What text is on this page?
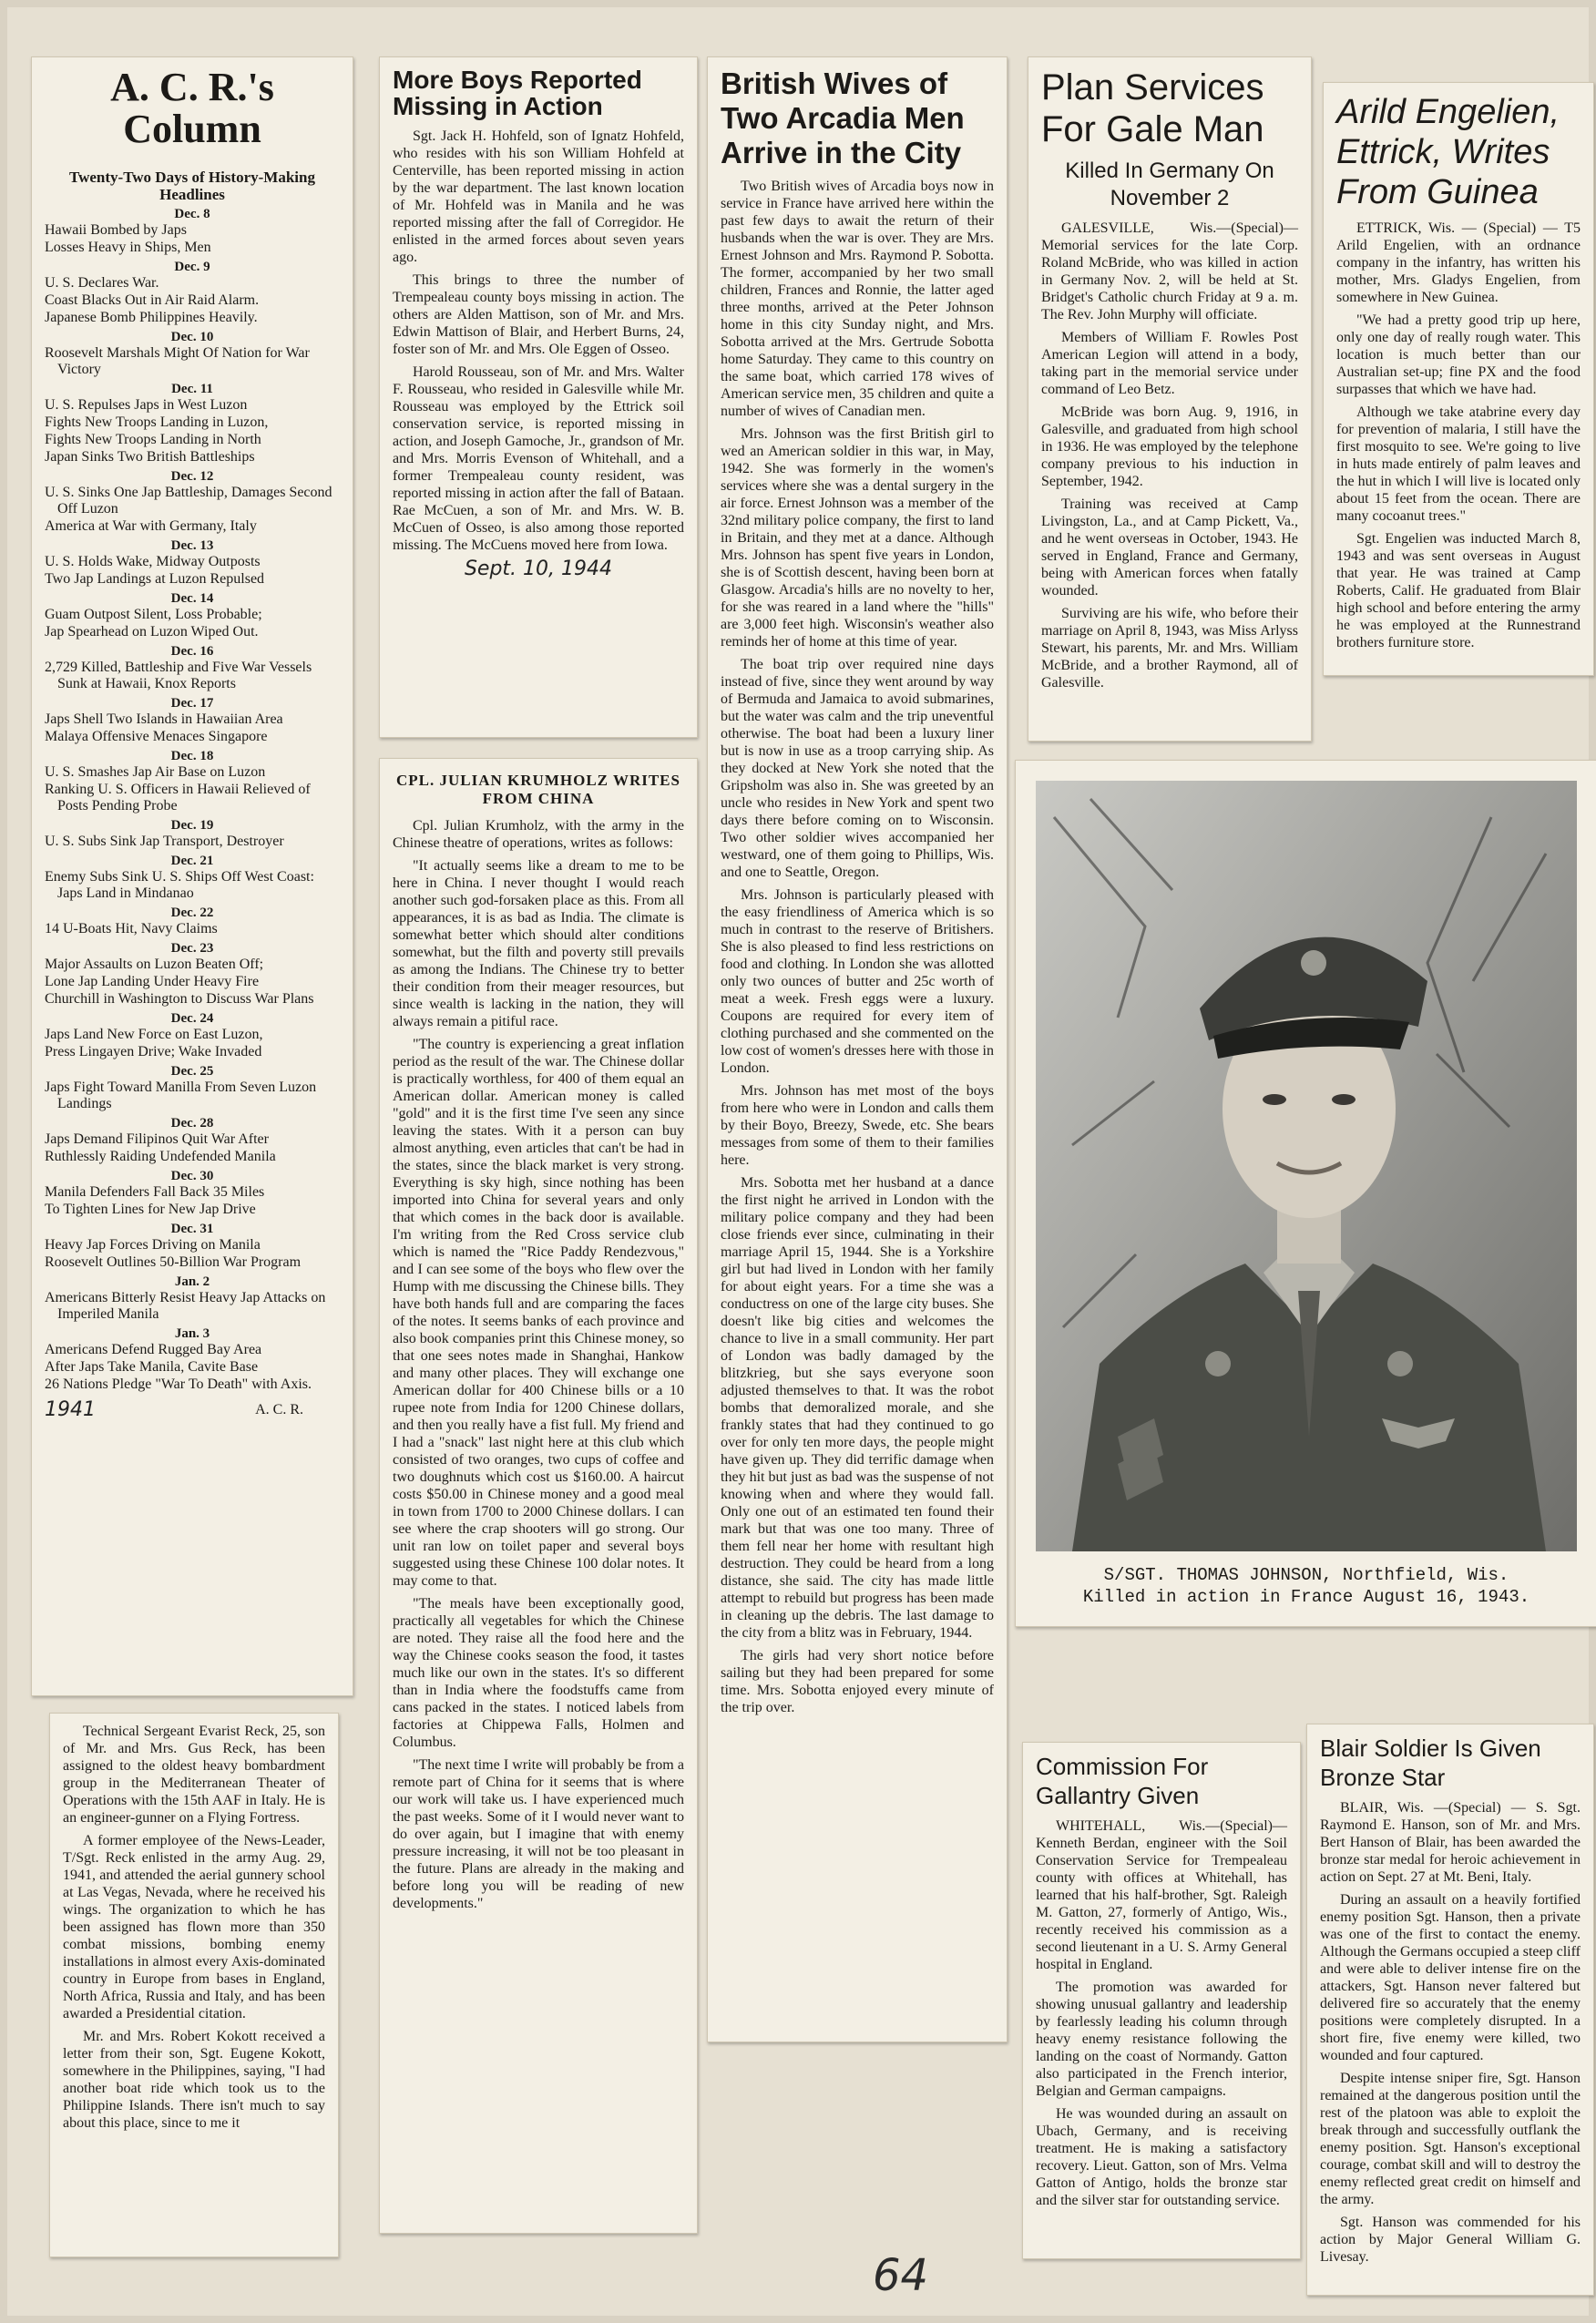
A. C. R.'s Column
Twenty-Two Days of History-Making Headlines
Dec. 8
Hawaii Bombed by Japs
Losses Heavy in Ships, Men
Dec. 9
U. S. Declares War.
Coast Blacks Out in Air Raid Alarm.
Japanese Bomb Philippines Heavily.
Dec. 10
Roosevelt Marshals Might Of Nation for War Victory
Dec. 11
U. S. Repulses Japs in West Luzon
Fights New Troops Landing in Luzon,
Fights New Troops Landing in North
Japan Sinks Two British Battleships
Dec. 12
U. S. Sinks One Jap Battleship, Damages Second Off Luzon
America at War with Germany, Italy
Dec. 13
U. S. Holds Wake, Midway Outposts
Two Jap Landings at Luzon Repulsed
Dec. 14
Guam Outpost Silent, Loss Probable;
Jap Spearhead on Luzon Wiped Out.
Dec. 16
2,729 Killed, Battleship and Five War Vessels Sunk at Hawaii, Knox Reports
Dec. 17
Japs Shell Two Islands in Hawaiian Area
Malaya Offensive Menaces Singapore
Dec. 18
U. S. Smashes Jap Air Base on Luzon
Ranking U. S. Officers in Hawaii Relieved of Posts Pending Probe
Dec. 19
U. S. Subs Sink Jap Transport, Destroyer
Dec. 21
Enemy Subs Sink U. S. Ships Off West Coast: Japs Land in Mindanao
Dec. 22
14 U-Boats Hit, Navy Claims
Dec. 23
Major Assaults on Luzon Beaten Off;
Lone Jap Landing Under Heavy Fire
Churchill in Washington to Discuss War Plans
Dec. 24
Japs Land New Force on East Luzon,
Press Lingayen Drive; Wake Invaded
Dec. 25
Japs Fight Toward Manilla From Seven Luzon Landings
Dec. 28
Japs Demand Filipinos Quit War After
Ruthlessly Raiding Undefended Manila
Dec. 30
Manila Defenders Fall Back 35 Miles
To Tighten Lines for New Jap Drive
Dec. 31
Heavy Jap Forces Driving on Manila
Roosevelt Outlines 50-Billion War Program
Jan. 2
Americans Bitterly Resist Heavy Jap Attacks on Imperiled Manila
Jan. 3
Americans Defend Rugged Bay Area
After Japs Take Manila, Cavite Base
26 Nations Pledge "War To Death" with Axis.
1941	A. C. R.

Technical Sergeant Evarist Reck, 25, son of Mr. and Mrs. Gus Reck, has been assigned to the oldest heavy bombardment group in the Mediterranean Theater of Operations with the 15th AAF in Italy. He is an engineer-gunner on a Flying Fortress.

A former employee of the News-Leader, T/Sgt. Reck enlisted in the army Aug. 29, 1941, and attended the aerial gunnery school at Las Vegas, Nevada, where he received his wings. The organization to which he has been assigned has flown more than 350 combat missions, bombing enemy installations in almost every Axis-dominated country in Europe from bases in England, North Africa, Russia and Italy, and has been awarded a Presidential citation.

Mr. and Mrs. Robert Kokott received a letter from their son, Sgt. Eugene Kokott, somewhere in the Philippines, saying, "I had another boat ride which took us to the Philippine Islands. There isn't much to say about this place, since to me it

More Boys Reported Missing in Action

Sgt. Jack H. Hohfeld, son of Ignatz Hohfeld, who resides with his son William Hohfeld at Centerville, has been reported missing in action by the war department. The last known location of Mr. Hohfeld was in Manila and he was reported missing after the fall of Corregidor. He enlisted in the armed forces about seven years ago.

This brings to three the number of Trempealeau county boys missing in action. The others are Alden Mattison, son of Mr. and Mrs. Edwin Mattison of Blair, and Herbert Burns, 24, foster son of Mr. and Mrs. Ole Eggen of Osseo.

Harold Rousseau, son of Mr. and Mrs. Walter F. Rousseau, who resided in Galesville while Mr. Rousseau was employed by the Ettrick soil conservation service, is reported missing in action, and Joseph Gamoche, Jr., grandson of Mr. and Mrs. Morris Evenson of Whitehall, and a former Trempealeau county resident, was reported missing in action after the fall of Bataan. Rae McCuen, a son of Mr. and Mrs. W. B. McCuen of Osseo, is also among those reported missing. The McCuens moved here from Iowa.

Sept. 10, 1944
CPL. JULIAN KRUMHOLZ WRITES FROM CHINA

Cpl. Julian Krumholz, with the army in the Chinese theatre of operations, writes as follows:

"It actually seems like a dream to me to be here in China. I never thought I would reach another such god-forsaken place as this. From all appearances, it is as bad as India. The climate is somewhat better which should alter conditions somewhat, but the filth and poverty still prevails as among the Indians. The Chinese try to better their condition from their meager resources, but since wealth is lacking in the nation, they will always remain a pitiful race.

"The country is experiencing a great inflation period as the result of the war. The Chinese dollar is practically worthless, for 400 of them equal an American dollar. American money is called "gold" and it is the first time I've seen any since leaving the states. With it a person can buy almost anything, even articles that can't be had in the states, since the black market is very strong. Everything is sky high, since nothing has been imported into China for several years and only that which comes in the back door is available. I'm writing from the Red Cross service club which is named the "Rice Paddy Rendezvous," and I can see some of the boys who flew over the Hump with me discussing the Chinese bills. They have both hands full and are comparing the faces of the notes. It seems banks of each province and also book companies print this Chinese money, so that one sees notes made in Shanghai, Hankow and many other places. They will exchange one American dollar for 400 Chinese bills or a 10 rupee note from India for 1200 Chinese dollars, and then you really have a fist full. My friend and I had a "snack" last night here at this club which consisted of two oranges, two cups of coffee and two doughnuts which cost us $160.00. A haircut costs $50.00 in Chinese money and a good meal in town from 1700 to 2000 Chinese dollars. I can see where the crap shooters will go strong. Our unit ran low on toilet paper and several boys suggested using these Chinese 100 dolar notes. It may come to that.

"The meals have been exceptionally good, practically all vegetables for which the Chinese are noted. They raise all the food here and the way the Chinese cooks season the food, it tastes much like our own in the states. It's so different than in India where the foodstuffs came from cans packed in the states. I noticed labels from factories at Chippewa Falls, Holmen and Columbus.

"The next time I write will probably be from a remote part of China for it seems that is where our work will take us. I have experienced much the past weeks. Some of it I would never want to do over again, but I imagine that with enemy pressure increasing, it will not be too pleasant in the future. Plans are already in the making and before long you will be reading of new developments."

British Wives of Two Arcadia Men Arrive in the City

Two British wives of Arcadia boys now in service in France have arrived here within the past few days to await the return of their husbands when the war is over. They are Mrs. Ernest Johnson and Mrs. Raymond P. Sobotta. The former, accompanied by her two small children, Frances and Ronnie, the latter aged three months, arrived at the Peter Johnson home in this city Sunday night, and Mrs. Sobotta arrived at the Mrs. Gertrude Sobotta home Saturday. They came to this country on the same boat, which carried 178 wives of American service men, 35 children and quite a number of wives of Canadian men.

Mrs. Johnson was the first British girl to wed an American soldier in this war, in May, 1942. She was formerly in the women's services where she was a dental surgery in the air force. Ernest Johnson was a member of the 32nd military police company, the first to land in Britain, and they met at a dance. Although Mrs. Johnson has spent five years in London, she is of Scottish descent, having been born at Glasgow. Arcadia's hills are no novelty to her, for she was reared in a land where the "hills" are 3,000 feet high. Wisconsin's weather also reminds her of home at this time of year.

The boat trip over required nine days instead of five, since they went around by way of Bermuda and Jamaica to avoid submarines, but the water was calm and the trip uneventful otherwise. The boat had been a luxury liner but is now in use as a troop carrying ship. As they docked at New York she noted that the Gripsholm was also in. She was greeted by an uncle who resides in New York and spent two days there before coming on to Wisconsin. Two other soldier wives accompanied her westward, one of them going to Phillips, Wis. and one to Seattle, Oregon.

Mrs. Johnson is particularly pleased with the easy friendliness of America which is so much in contrast to the reserve of Britishers. She is also pleased to find less restrictions on food and clothing. In London she was allotted only two ounces of butter and 25c worth of meat a week. Fresh eggs were a luxury. Coupons are required for every item of clothing purchased and she commented on the low cost of women's dresses here with those in London.

Mrs. Johnson has met most of the boys from here who were in London and calls them by their Boyo, Breezy, Swede, etc. She bears messages from some of them to their families here.

Mrs. Sobotta met her husband at a dance the first night he arrived in London with the military police company and they had been close friends ever since, culminating in their marriage April 15, 1944. She is a Yorkshire girl but had lived in London with her family for about eight years. For a time she was a conductress on one of the large city buses. She doesn't like big cities and welcomes the chance to live in a small community. Her part of London was badly damaged by the blitzkrieg, but she says everyone soon adjusted themselves to that. It was the robot bombs that demoralized morale, and she frankly states that had they continued to go over for only ten more days, the people might have given up. They did terrific damage when they hit but just as bad was the suspense of not knowing when and where they would fall. Only one out of an estimated ten found their mark but that was one too many. Three of them fell near her home with resultant high destruction. They could be heard from a long distance, she said. The city has made little attempt to rebuild but progress has been made in cleaning up the debris. The last damage to the city from a blitz was in February, 1944.

The girls had very short notice before sailing but they had been prepared for some time. Mrs. Sobotta enjoyed every minute of the trip over.

Plan Services For Gale Man
Killed In Germany On November 2

GALESVILLE, Wis.—(Special)—Memorial services for the late Corp. Roland McBride, who was killed in action in Germany Nov. 2, will be held at St. Bridget's Catholic church Friday at 9 a. m. The Rev. John Murphy will officiate.

Members of William F. Rowles Post American Legion will attend in a body, taking part in the memorial service under command of Leo Betz.

McBride was born Aug. 9, 1916, in Galesville, and graduated from high school in 1936. He was employed by the telephone company previous to his induction in September, 1942.

Training was received at Camp Livingston, La., and at Camp Pickett, Va., and he went overseas in October, 1943. He served in England, France and Germany, being with American forces when fatally wounded.

Surviving are his wife, who before their marriage on April 8, 1943, was Miss Arlyss Stewart, his parents, Mr. and Mrs. William McBride, and a brother Raymond, all of Galesville.

Arild Engelien, Ettrick, Writes From Guinea

ETTRICK, Wis. — (Special) — T5 Arild Engelien, with an ordnance company in the infantry, has written his mother, Mrs. Gladys Engelien, from somewhere in New Guinea.

"We had a pretty good trip up here, only one day of really rough water. This location is much better than our Australian set-up; fine PX and the food surpasses that which we have had.

Although we take atabrine every day for prevention of malaria, I still have the first mosquito to see. We're going to live in huts made entirely of palm leaves and the hut in which I will live is located only about 15 feet from the ocean. There are many cocoanut trees."

Sgt. Engelien was inducted March 8, 1943 and was sent overseas in August that year. He was trained at Camp Roberts, Calif. He graduated from Blair high school and before entering the army he was employed at the Runnestrand brothers furniture store.

S/SGT. THOMAS JOHNSON, Northfield, Wis.
Killed in action in France August 16, 1943.
Commission For Gallantry Given

WHITEHALL, Wis.—(Special)—Kenneth Berdan, engineer with the Soil Conservation Service for Trempealeau county with offices at Whitehall, has learned that his half-brother, Sgt. Raleigh M. Gatton, 27, formerly of Antigo, Wis., recently received his commission as a second lieutenant in a U. S. Army General hospital in England.

The promotion was awarded for showing unusual gallantry and leadership by fearlessly leading his column through heavy enemy resistance following the landing on the coast of Normandy. Gatton also participated in the French interior, Belgian and German campaigns.

He was wounded during an assault on Ubach, Germany, and is receiving treatment. He is making a satisfactory recovery. Lieut. Gatton, son of Mrs. Velma Gatton of Antigo, holds the bronze star and the silver star for outstanding service.

Blair Soldier Is Given Bronze Star

BLAIR, Wis. —(Special) — S. Sgt. Raymond E. Hanson, son of Mr. and Mrs. Bert Hanson of Blair, has been awarded the bronze star medal for heroic achievement in action on Sept. 27 at Mt. Beni, Italy.

During an assault on a heavily fortified enemy position Sgt. Hanson, then a private was one of the first to contact the enemy. Although the Germans occupied a steep cliff and were able to deliver intense fire on the attackers, Sgt. Hanson never faltered but delivered fire so accurately that the enemy positions were completely disrupted. In a short fire, five enemy were killed, two wounded and four captured.

Despite intense sniper fire, Sgt. Hanson remained at the dangerous position until the rest of the platoon was able to exploit the break through and successfully outflank the enemy position. Sgt. Hanson's exceptional courage, combat skill and will to destroy the enemy reflected great credit on himself and the army.

Sgt. Hanson was commended for his action by Major General William G. Livesay.

64
